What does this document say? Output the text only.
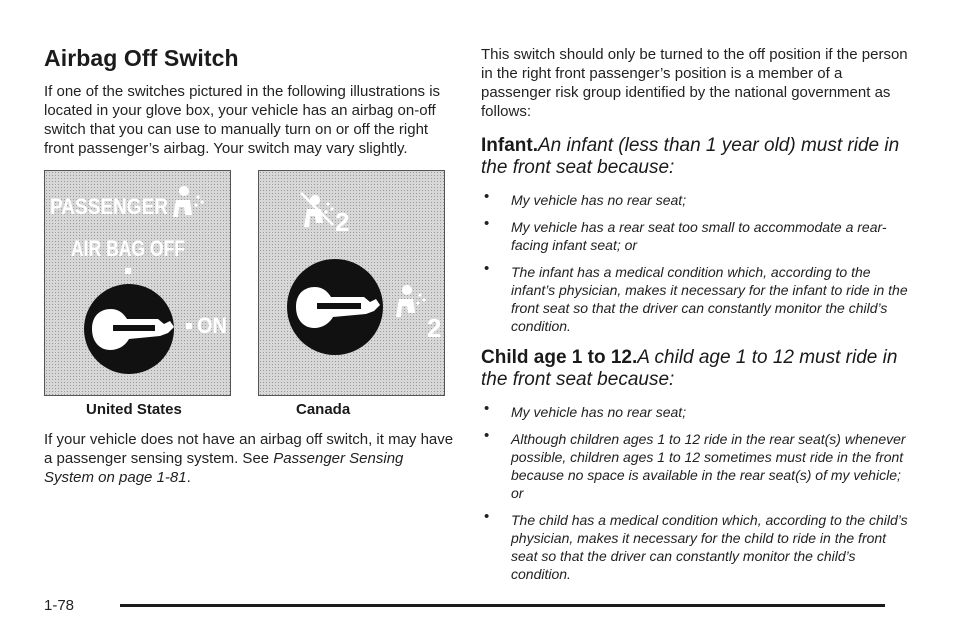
Airbag Off Switch

If one of the switches pictured in the following illustrations is located in your glove box, your vehicle has an airbag on-off switch that you can use to manually turn on or off the right front passenger’s airbag. Your switch may vary slightly.

PASSENGER
AIR BAG OFF
ON
2
2
United States	Canada

If your vehicle does not have an airbag off switch, it may have a passenger sensing system. See Passenger Sensing System on page 1-81.

This switch should only be turned to the off position if the person in the right front passenger’s position is a member of a passenger risk group identified by the national government as follows:

Infant.An infant (less than 1 year old) must ride in the front seat because:
• My vehicle has no rear seat;
• My vehicle has a rear seat too small to accommodate a rear-facing infant seat; or
• The infant has a medical condition which, according to the infant’s physician, makes it necessary for the infant to ride in the front seat so that the driver can constantly monitor the child’s condition.
Child age 1 to 12.A child age 1 to 12 must ride in the front seat because:
• My vehicle has no rear seat;
• Although children ages 1 to 12 ride in the rear seat(s) whenever possible, children ages 1 to 12 sometimes must ride in the front because no space is available in the rear seat(s) of my vehicle; or
• The child has a medical condition which, according to the child’s physician, makes it necessary for the child to ride in the front seat so that the driver can constantly monitor the child’s condition.
1-78
